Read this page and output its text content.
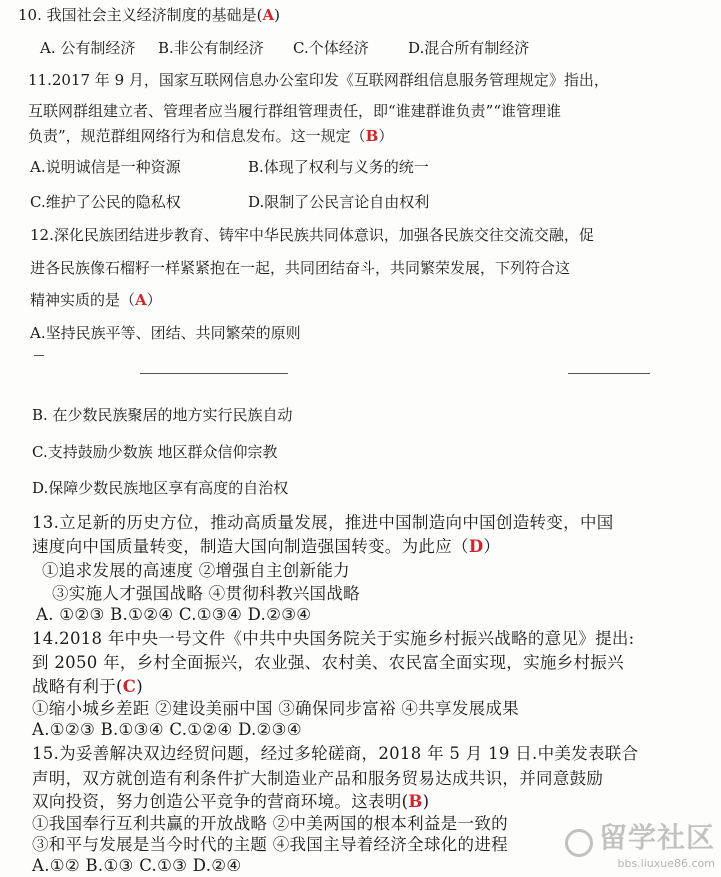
10. 我国社会主义经济制度的基础是(A)
A. 公有制经济 B.非公有制经济 C.个体经济	D.混合所有制经济
11.2017 年 9 月，国家互联网信息办公室印发《互联网群组信息服务管理规定》指出，
互联网群组建立者、管理者应当履行群组管理责任，即“谁建群谁负责”“谁管理谁
负责”，规范群组网络行为和信息发布。这一规定（B）
A.说明诚信是一种资源	B.体现了权利与义务的统一
C.维护了公民的隐私权	D.限制了公民言论自由权利
12.深化民族团结进步教育、铸牢中华民族共同体意识，加强各民族交往交流交融，促
进各民族像石榴籽一样紧紧抱在一起，共同团结奋斗，共同繁荣发展，下列符合这
精神实质的是（A）
A.坚持民族平等、团结、共同繁荣的原则
B. 在少数民族聚居的地方实行民族自动
C.支持鼓励少数族 地区群众信仰宗教
D.保障少数民族地区享有高度的自治权
13.立足新的历史方位，推动高质量发展，推进中国制造向中国创造转变，中国
速度向中国质量转变，制造大国向制造强国转变。为此应（D）
①追求发展的高速度 ②增强自主创新能力
③实施人才强国战略 ④贯彻科教兴国战略
A. ①②③ B.①②④ C.①③④ D.②③④
14.2018 年中央一号文件《中共中央国务院关于实施乡村振兴战略的意见》提出:
到 2050 年，乡村全面振兴，农业强、农村美、农民富全面实现，实施乡村振兴
战略有利于(C)
①缩小城乡差距 ②建设美丽中国 ③确保同步富裕 ④共享发展成果
A.①②③ B.①③④ C.①②④ D.②③④
15.为妥善解决双边经贸问题，经过多轮磋商，2018 年 5 月 19 日.中美发表联合
声明，双方就创造有利条件扩大制造业产品和服务贸易达成共识，并同意鼓励
双向投资，努力创造公平竞争的营商环境。这表明(B)
①我国奉行互利共赢的开放战略 ②中美两国的根本利益是一致的
③和平与发展是当今时代的主题 ④我国主导着经济全球化的进程
A.①② B.①③ C.①③ D.②④
留学社区
bbs.liuxue86.com
